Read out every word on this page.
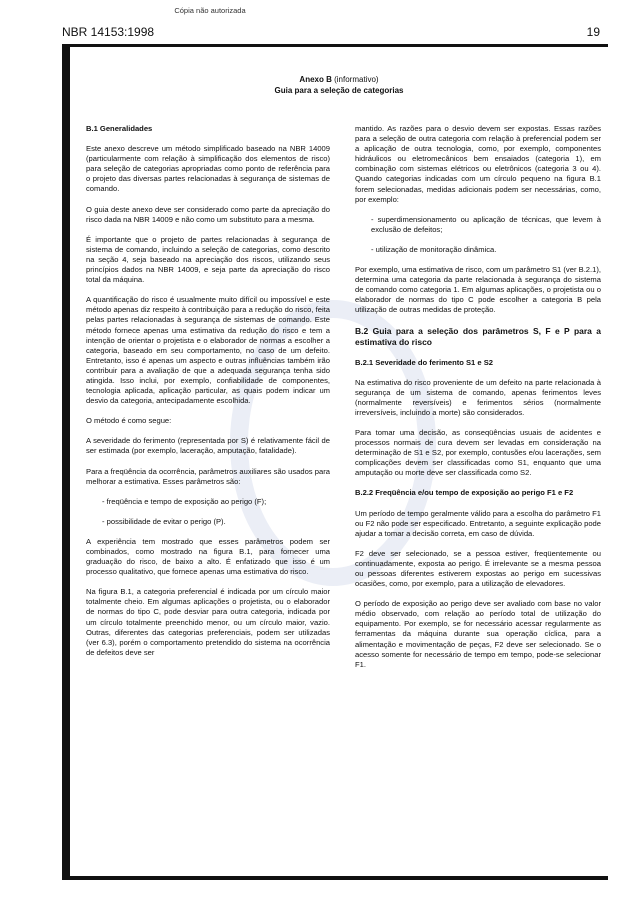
Cópia não autorizada
NBR 14153:1998	19
Anexo B (informativo)
Guia para a seleção de categorias

B.1 Generalidades

Este anexo descreve um método simplificado baseado na NBR 14009 (particularmente com relação à simplificação dos elementos de risco) para seleção de categorias apropriadas como ponto de referência para o projeto das diversas partes relacionadas à segurança de sistemas de comando.

O guia deste anexo deve ser considerado como parte da apreciação do risco dada na NBR 14009 e não como um substituto para a mesma.

É importante que o projeto de partes relacionadas à segurança de sistema de comando, incluindo a seleção de categorias, como descrito na seção 4, seja baseado na apreciação dos riscos, utilizando seus princípios dados na NBR 14009, e seja parte da apreciação do risco total da máquina.

A quantificação do risco é usualmente muito difícil ou impossível e este método apenas diz respeito à contribuição para a redução do risco, feita pelas partes relacionadas à segurança de sistemas de comando. Este método fornece apenas uma estimativa da redução do risco e tem a intenção de orientar o projetista e o elaborador de normas a escolher a categoria, baseado em seu comportamento, no caso de um defeito. Entretanto, isso é apenas um aspecto e outras influências também irão contribuir para a avaliação de que a adequada segurança tenha sido atingida. Isso inclui, por exemplo, confiabilidade de componentes, tecnologia aplicada, aplicação particular, as quais podem indicar um desvio da categoria, antecipadamente escolhida.

O método é como segue:

A severidade do ferimento (representada por S) é relativamente fácil de ser estimada (por exemplo, laceração, amputação, fatalidade).

Para a freqüência da ocorrência, parâmetros auxiliares são usados para melhorar a estimativa. Esses parâmetros são:

- freqüência e tempo de exposição ao perigo (F);

- possibilidade de evitar o perigo (P).

A experiência tem mostrado que esses parâmetros podem ser combinados, como mostrado na figura B.1, para fornecer uma graduação do risco, de baixo a alto. É enfatizado que isso é um processo qualitativo, que fornece apenas uma estimativa do risco.

Na figura B.1, a categoria preferencial é indicada por um círculo maior totalmente cheio. Em algumas aplicações o projetista, ou o elaborador de normas do tipo C, pode desviar para outra categoria, indicada por um círculo totalmente preenchido menor, ou um círculo maior, vazio. Outras, diferentes das categorias preferenciais, podem ser utilizadas (ver 6.3), porém o comportamento pretendido do sistema na ocorrência de defeitos deve ser

mantido. As razões para o desvio devem ser expostas. Essas razões para a seleção de outra categoria com relação à preferencial podem ser a aplicação de outra tecnologia, como, por exemplo, componentes hidráulicos ou eletromecânicos bem ensaiados (categoria 1), em combinação com sistemas elétricos ou eletrônicos (categoria 3 ou 4). Quando categorias indicadas com um círculo pequeno na figura B.1 forem selecionadas, medidas adicionais podem ser necessárias, como, por exemplo:

- superdimensionamento ou aplicação de técnicas, que levem à exclusão de defeitos;

- utilização de monitoração dinâmica.

Por exemplo, uma estimativa de risco, com um parâmetro S1 (ver B.2.1), determina uma categoria da parte relacionada à segurança do sistema de comando como categoria 1. Em algumas aplicações, o projetista ou o elaborador de normas do tipo C pode escolher a categoria B pela utilização de outras medidas de proteção.

B.2 Guia para a seleção dos parâmetros S, F e P para a estimativa do risco

B.2.1 Severidade do ferimento S1 e S2

Na estimativa do risco proveniente de um defeito na parte relacionada à segurança de um sistema de comando, apenas ferimentos leves (normalmente reversíveis) e ferimentos sérios (normalmente irreversíveis, incluindo a morte) são considerados.

Para tomar uma decisão, as conseqüências usuais de acidentes e processos normais de cura devem ser levadas em consideração na determinação de S1 e S2, por exemplo, contusões e/ou lacerações, sem complicações devem ser classificadas como S1, enquanto que uma amputação ou morte deve ser classificada como S2.

B.2.2 Freqüência e/ou tempo de exposição ao perigo F1 e F2

Um período de tempo geralmente válido para a escolha do parâmetro F1 ou F2 não pode ser especificado. Entretanto, a seguinte explicação pode ajudar a tomar a decisão correta, em caso de dúvida.

F2 deve ser selecionado, se a pessoa estiver, freqüentemente ou continuadamente, exposta ao perigo. É irrelevante se a mesma pessoa ou pessoas diferentes estiverem expostas ao perigo em sucessivas ocasiões, como, por exemplo, para a utilização de elevadores.

O período de exposição ao perigo deve ser avaliado com base no valor médio observado, com relação ao período total de utilização do equipamento. Por exemplo, se for necessário acessar regularmente as ferramentas da máquina durante sua operação cíclica, para a alimentação e movimentação de peças, F2 deve ser selecionado. Se o acesso somente for necessário de tempo em tempo, pode-se selecionar F1.
